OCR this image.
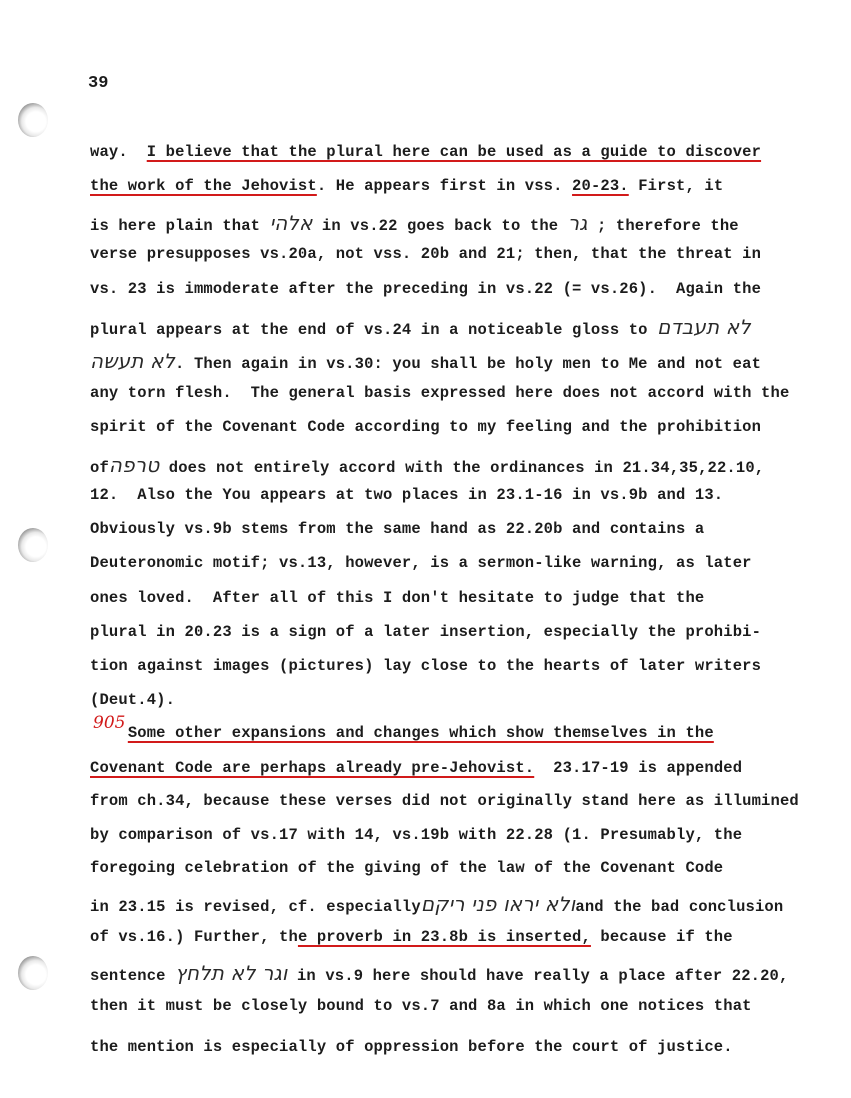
39
905
way.  I believe that the plural here can be used as a guide to discover
the work of the Jehovist. He appears first in vss. 20-23. First, it
is here plain that אלהי in vs.22 goes back to the גר ; therefore the
verse presupposes vs.20a, not vss. 20b and 21; then, that the threat in
vs. 23 is immoderate after the preceding in vs.22 (= vs.26).  Again the
plural appears at the end of vs.24 in a noticeable gloss to לא תעבדם
לא תעשה. Then again in vs.30: you shall be holy men to Me and not eat
any torn flesh.  The general basis expressed here does not accord with the
spirit of the Covenant Code according to my feeling and the prohibition
ofטרפה does not entirely accord with the ordinances in 21.34,35,22.10,
12.  Also the You appears at two places in 23.1-16 in vs.9b and 13.
Obviously vs.9b stems from the same hand as 22.20b and contains a
Deuteronomic motif; vs.13, however, is a sermon-like warning, as later
ones loved.  After all of this I don't hesitate to judge that the
plural in 20.23 is a sign of a later insertion, especially the prohibi-
tion against images (pictures) lay close to the hearts of later writers
(Deut.4).
Some other expansions and changes which show themselves in the
Covenant Code are perhaps already pre-Jehovist.  23.17-19 is appended
from ch.34, because these verses did not originally stand here as illumined
by comparison of vs.17 with 14, vs.19b with 22.28 (1. Presumably, the
foregoing celebration of the giving of the law of the Covenant Code
in 23.15 is revised, cf. especiallyולא יראו פני ריקםand the bad conclusion
of vs.16.) Further, the proverb in 23.8b is inserted, because if the
sentence וגר לא תלחץ in vs.9 here should have really a place after 22.20,
then it must be closely bound to vs.7 and 8a in which one notices that
the mention is especially of oppression before the court of justice.
